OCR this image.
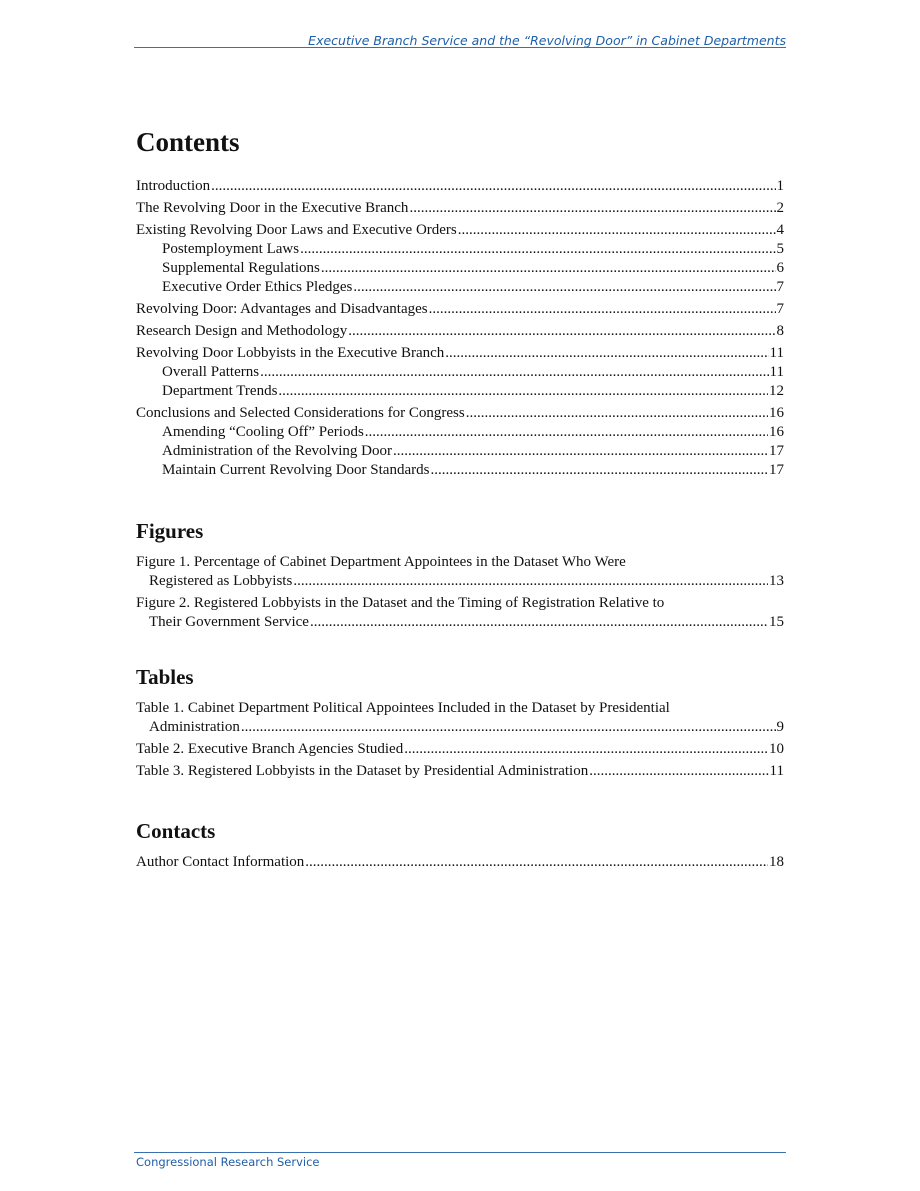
Executive Branch Service and the “Revolving Door” in Cabinet Departments
Contents
Introduction .....	1
The Revolving Door in the Executive Branch .....	2
Existing Revolving Door Laws and Executive Orders .....	4
Postemployment Laws .....	5
Supplemental Regulations .....	6
Executive Order Ethics Pledges .....	7
Revolving Door: Advantages and Disadvantages .....	7
Research Design and Methodology .....	8
Revolving Door Lobbyists in the Executive Branch .....	11
Overall Patterns .....	11
Department Trends .....	12
Conclusions and Selected Considerations for Congress .....	16
Amending “Cooling Off” Periods .....	16
Administration of the Revolving Door .....	17
Maintain Current Revolving Door Standards .....	17
Figures
Figure 1. Percentage of Cabinet Department Appointees in the Dataset Who Were
Registered as Lobbyists .....	13
Figure 2. Registered Lobbyists in the Dataset and the Timing of Registration Relative to
Their Government Service .....	15
Tables
Table 1. Cabinet Department Political Appointees Included in the Dataset by Presidential
Administration .....	9
Table 2. Executive Branch Agencies Studied .....	10
Table 3. Registered Lobbyists in the Dataset by Presidential Administration .....	11
Contacts
Author Contact Information .....	18
Congressional Research Service
